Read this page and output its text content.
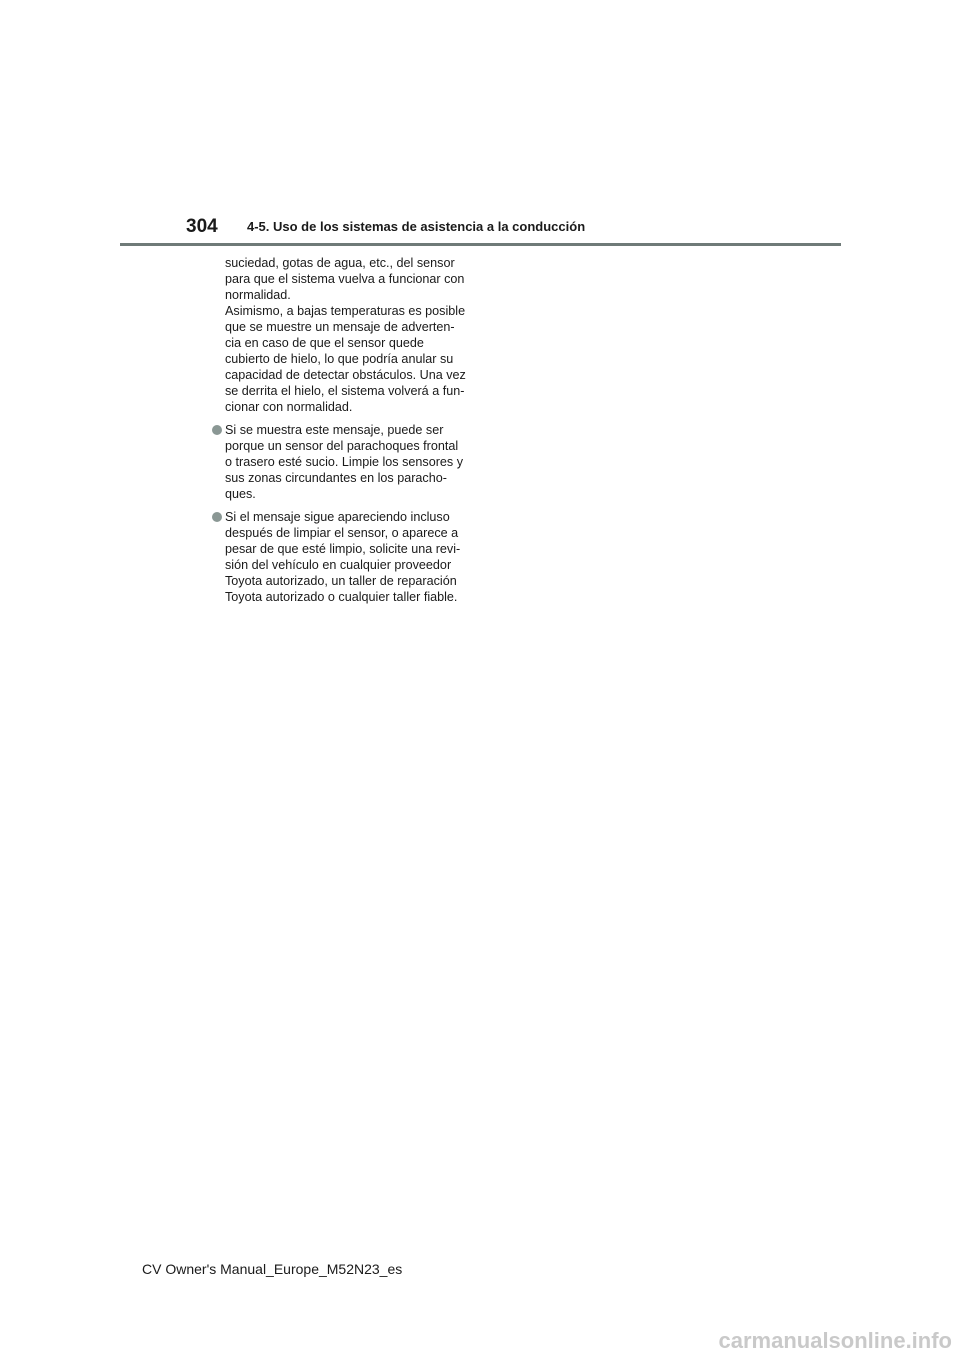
304 4-5. Uso de los sistemas de asistencia a la conducción
suciedad, gotas de agua, etc., del sensor
para que el sistema vuelva a funcionar con
normalidad.
Asimismo, a bajas temperaturas es posible
que se muestre un mensaje de adverten-
cia en caso de que el sensor quede
cubierto de hielo, lo que podría anular su
capacidad de detectar obstáculos. Una vez
se derrita el hielo, el sistema volverá a fun-
cionar con normalidad.
Si se muestra este mensaje, puede ser
porque un sensor del parachoques frontal
o trasero esté sucio. Limpie los sensores y
sus zonas circundantes en los paracho-
ques.
Si el mensaje sigue apareciendo incluso
después de limpiar el sensor, o aparece a
pesar de que esté limpio, solicite una revi-
sión del vehículo en cualquier proveedor
Toyota autorizado, un taller de reparación
Toyota autorizado o cualquier taller fiable.
CV Owner's Manual_Europe_M52N23_es
carmanualsonline.info
